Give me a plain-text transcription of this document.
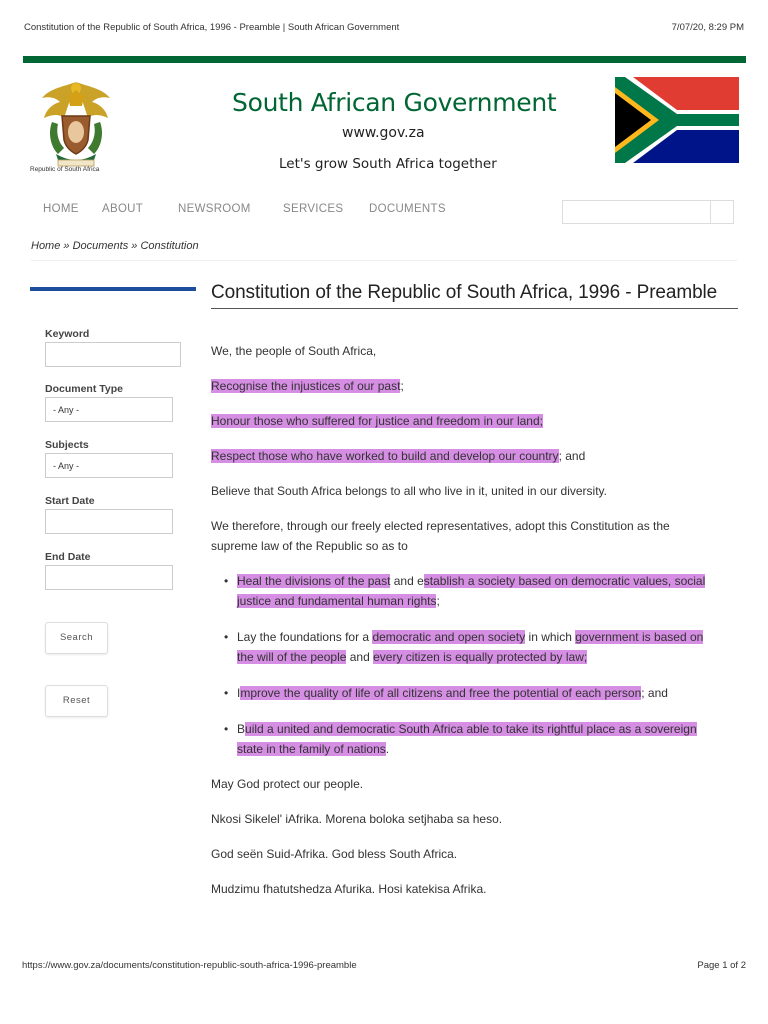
Constitution of the Republic of South Africa, 1996 - Preamble | South African Government	7/07/20, 8:29 PM
Republic of South Africa
South African Government
www.gov.za
Let's grow South Africa together
HOME ABOUT	NEWSROOM	SERVICES DOCUMENTS
Home » Documents » Constitution
Keyword
Document Type
- Any -
Subjects
- Any -
Start Date
End Date
Search
Reset
Constitution of the Republic of South Africa, 1996 - Preamble
We, the people of South Africa,
Recognise the injustices of our past;
Honour those who suffered for justice and freedom in our land;
Respect those who have worked to build and develop our country; and
Believe that South Africa belongs to all who live in it, united in our diversity.
We therefore, through our freely elected representatives, adopt this Constitution as the
supreme law of the Republic so as to
• Heal the divisions of the past and establish a society based on democratic values, social
justice and fundamental human rights;
• Lay the foundations for a democratic and open society in which government is based on
the will of the people and every citizen is equally protected by law;
• Improve the quality of life of all citizens and free the potential of each person; and
• Build a united and democratic South Africa able to take its rightful place as a sovereign
state in the family of nations.
May God protect our people.
Nkosi Sikelel' iAfrika. Morena boloka setjhaba sa heso.
God seën Suid-Afrika. God bless South Africa.
Mudzimu fhatutshedza Afurika. Hosi katekisa Afrika.
https://www.gov.za/documents/constitution-republic-south-africa-1996-preamble	Page 1 of 2
